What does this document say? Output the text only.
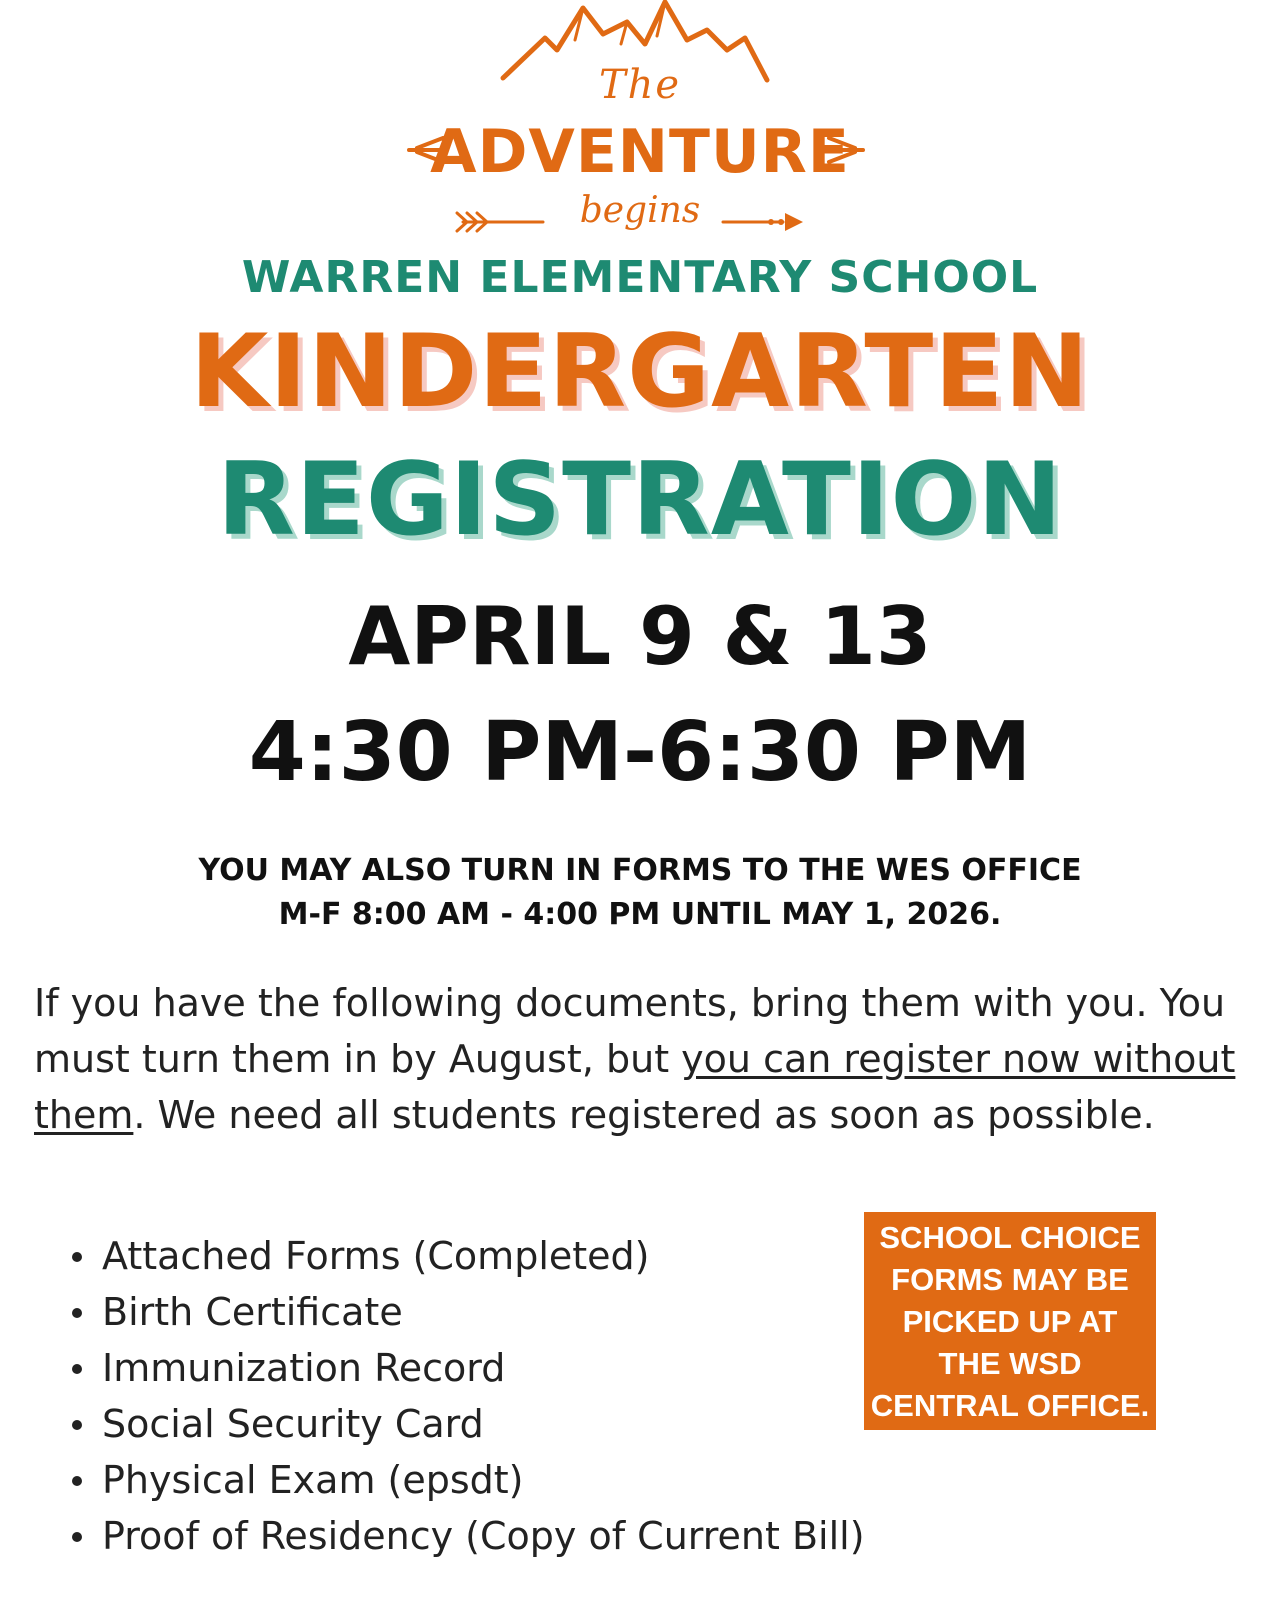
The
ADVENTURE
begins
WARREN ELEMENTARY SCHOOL
KINDERGARTEN
REGISTRATION
APRIL 9 & 13
4:30 PM-6:30 PM
YOU MAY ALSO TURN IN FORMS TO THE WES OFFICE
M-F 8:00 AM - 4:00 PM UNTIL MAY 1, 2026.
If you have the following documents, bring them with you. You must turn them in by August, but you can register now without them. We need all students registered as soon as possible.
Attached Forms (Completed)
Birth Certificate
Immunization Record
Social Security Card
Physical Exam (epsdt)
Proof of Residency (Copy of Current Bill)
SCHOOL CHOICE
FORMS MAY BE
PICKED UP AT
THE WSD
CENTRAL OFFICE.
